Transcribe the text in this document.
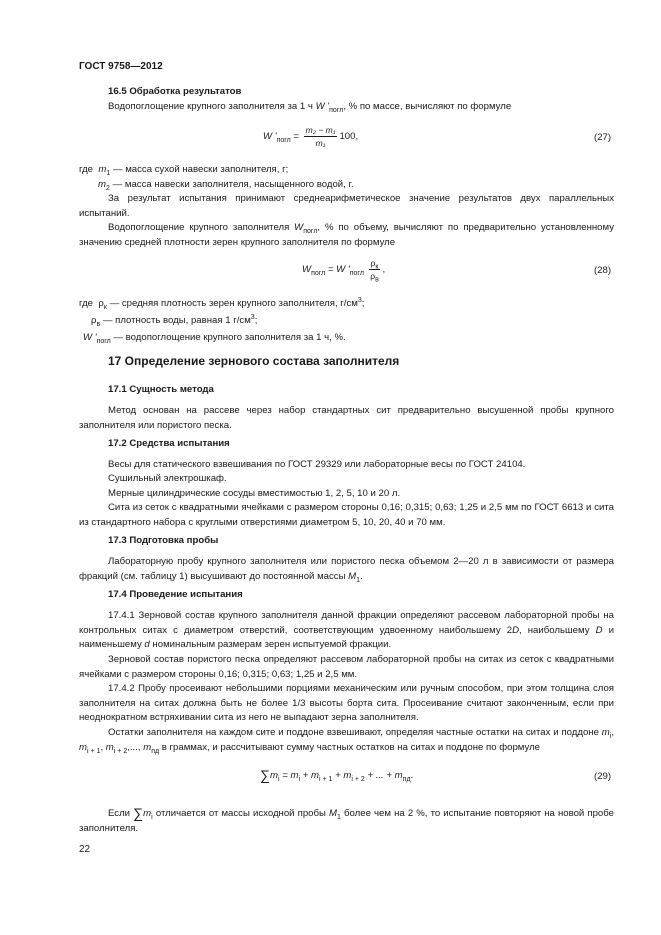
ГОСТ 9758—2012
16.5 Обработка результатов
Водопоглощение крупного заполнителя за 1 ч W '$_{погл}$, % по массе, вычисляют по формуле
W '$_{погл} = \frac{\text{m₂ − m₁}}{\text{m₁}} 100$,	(27)
где $m_1$ — масса сухой навески заполнителя, г;
$m_2$ — масса навески заполнителя, насыщенного водой, г.

За результат испытания принимают среднеарифметическое значение результатов двух параллельных испытаний.

Водопоглощение крупного заполнителя $W_{погл}$, % по объему, вычисляют по предварительно установленному значению средней плотности зерен крупного заполнителя по формуле

$W_{погл} = W$ '$_{погл} \frac{\rho_к}{\rho_в}$ ,	(28)
где $\rho_к$ — средняя плотность зерен крупного заполнителя, $г/см^3$;
$\rho_в$ — плотность воды, равная 1 $г/см^3$;
W '$_{погл}$ — водопоглощение крупного заполнителя за 1 ч, %.
17 Определение зернового состава заполнителя
17.1 Сущность метода

Метод основан на рассеве через набор стандартных сит предварительно высушенной пробы крупного заполнителя или пористого песка.

17.2 Средства испытания
Весы для статического взвешивания по ГОСТ 29329 или лабораторные весы по ГОСТ 24104.
Сушильный электрошкаф.
Мерные цилиндрические сосуды вместимостью 1, 2, 5, 10 и 20 л.

Сита из сеток с квадратными ячейками с размером стороны 0,16; 0,315; 0,63; 1,25 и 2,5 мм по ГОСТ 6613 и сита из стандартного набора с круглыми отверстиями диаметром 5, 10, 20, 40 и 70 мм.

17.3 Подготовка пробы

Лабораторную пробу крупного заполнителя или пористого песка объемом 2—20 л в зависимости от размера фракций (см. таблицу 1) высушивают до постоянной массы $M_1$.

17.4 Проведение испытания

17.4.1 Зерновой состав крупного заполнителя данной фракции определяют рассевом лабораторной пробы на контрольных ситах с диаметром отверстий, соответствующим удвоенному наибольшему 2D, наибольшему D и наименьшему d номинальным размерам зерен испытуемой фракции.

Зерновой состав пористого песка определяют рассевом лабораторной пробы на ситах из сеток с квадратными ячейками с размером стороны 0,16; 0,315; 0,63; 1,25 и 2,5 мм.

17.4.2 Пробу просеивают небольшими порциями механическим или ручным способом, при этом толщина слоя заполнителя на ситах должна быть не более 1/3 высоты борта сита. Просеивание считают законченным, если при неоднократном встряхивании сита из него не выпадают зерна заполнителя.

Остатки заполнителя на каждом сите и поддоне взвешивают, определяя частные остатки на ситах и поддоне $m_i$, $m_{i + 1}$, $m_{i + 2}$,..., $m_{пд}$ в граммах, и рассчитывают сумму частных остатков на ситах и поддоне по формуле

$\sum m_i = m_i + m_{i + 1} + m_{i + 2}$ + ... + $m_{пд}$.	(29)

Если $\sum m_i$ отличается от массы исходной пробы $M_1$ более чем на 2 %, то испытание повторяют на новой пробе заполнителя.

22
